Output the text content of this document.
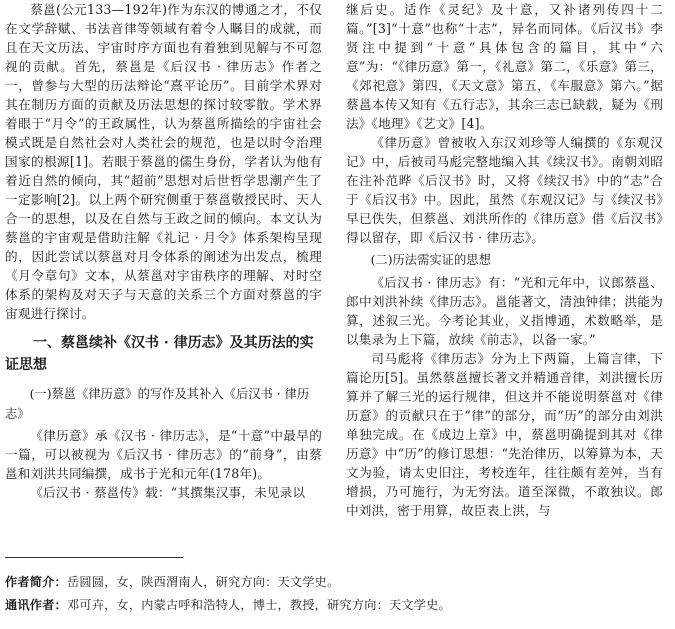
蔡邕(公元133—192年)作为东汉的博通之才，不仅在文学辞赋、书法音律等领域有着令人瞩目的成就，而且在天文历法、宇宙时序方面也有着独到见解与不可忽视的贡献。首先，蔡邕是《后汉书 · 律历志》作者之一，曾参与大型的历法辩论“熹平论历”。目前学术界对其在制历方面的贡献及历法思想的探讨较零散。学术界着眼于“月令”的王政属性，认为蔡邕所描绘的宇宙社会模式既是自然社会对人类社会的规范，也是以时令治理国家的根源[1]。若眼于蔡邕的儒生身份，学者认为他有着近自然的倾向，其“超前”思想对后世哲学思潮产生了一定影响[2]。以上两个研究侧重于蔡邕敬授民时、天人合一的思想，以及在自然与王政之间的倾向。本文认为蔡邕的宇宙观是借助注解《礼记 · 月令》体系架构呈现的，因此尝试以蔡邕对月令体系的阐述为出发点，梳理《月令章句》文本，从蔡邕对宇宙秩序的理解、对时空体系的架构及对天子与天意的关系三个方面对蔡邕的宇宙观进行探讨。

一、蔡邕续补《汉书 · 律历志》及其历法的实证思想
(一)蔡邕《律历意》的写作及其补入《后汉书 · 律历志》

《律历意》承《汉书 · 律历志》，是“十意”中最早的一篇，可以被视为《后汉书 · 律历志》的“前身”，由蔡邕和刘洪共同编撰，成书于光和元年(178年)。

《后汉书 · 蔡邕传》载：“其撰集汉事，未见录以

继后史。适作《灵纪》及十意，又补诸列传四十二篇。”[3]“十意”也称“十志”，异名而同体。《后汉书》李贤注中提到“十意”具体包含的篇目，其中“六意”为：“《律历意》第一，《礼意》第二，《乐意》第三，《郊祀意》第四，《天文意》第五，《车服意》第六。”据蔡邕本传又知有《五行志》，其余三志已缺载，疑为《刑法》《地理》《艺文》[4]。

《律历意》曾被收入东汉刘珍等人编撰的《东观汉记》中，后被司马彪完整地编入其《续汉书》。南朝刘昭在注补范晔《后汉书》时，又将《续汉书》中的“志”合于《后汉书》中。因此，虽然《东观汉记》与《续汉书》早已佚失，但蔡邕、刘洪所作的《律历意》借《后汉书》得以留存，即《后汉书 · 律历志》。

(二)历法需实证的思想

《后汉书 · 律历志》有：“光和元年中，议郎蔡邕、郎中刘洪补续《律历志》。邕能著文，清浊钟律；洪能为算，述叙三光。今考论其业，义指博通，术数略举，是以集录为上下篇，放续《前志》，以备一家。”

司马彪将《律历志》分为上下两篇，上篇言律，下篇论历[5]。虽然蔡邕擅长著文并精通音律，刘洪擅长历算并了解三光的运行规律，但这并不能说明蔡邕对《律历意》的贡献只在于“律”的部分，而“历”的部分由刘洪单独完成。在《成边上章》中，蔡邕明确提到其对《律历意》中“历”的修订思想：“先治律历，以筹算为本，天文为验，请太史旧注，考校连年，往往颇有差舛，当有增损，乃可施行，为无穷法。道至深微，不敢独议。郎中刘洪，密于用算，故臣表上洪，与

作者简介：岳圆圆，女，陕西渭南人，研究方向：天文学史。

通讯作者：邓可卉，女，内蒙古呼和浩特人，博士，教授，研究方向：天文学史。
